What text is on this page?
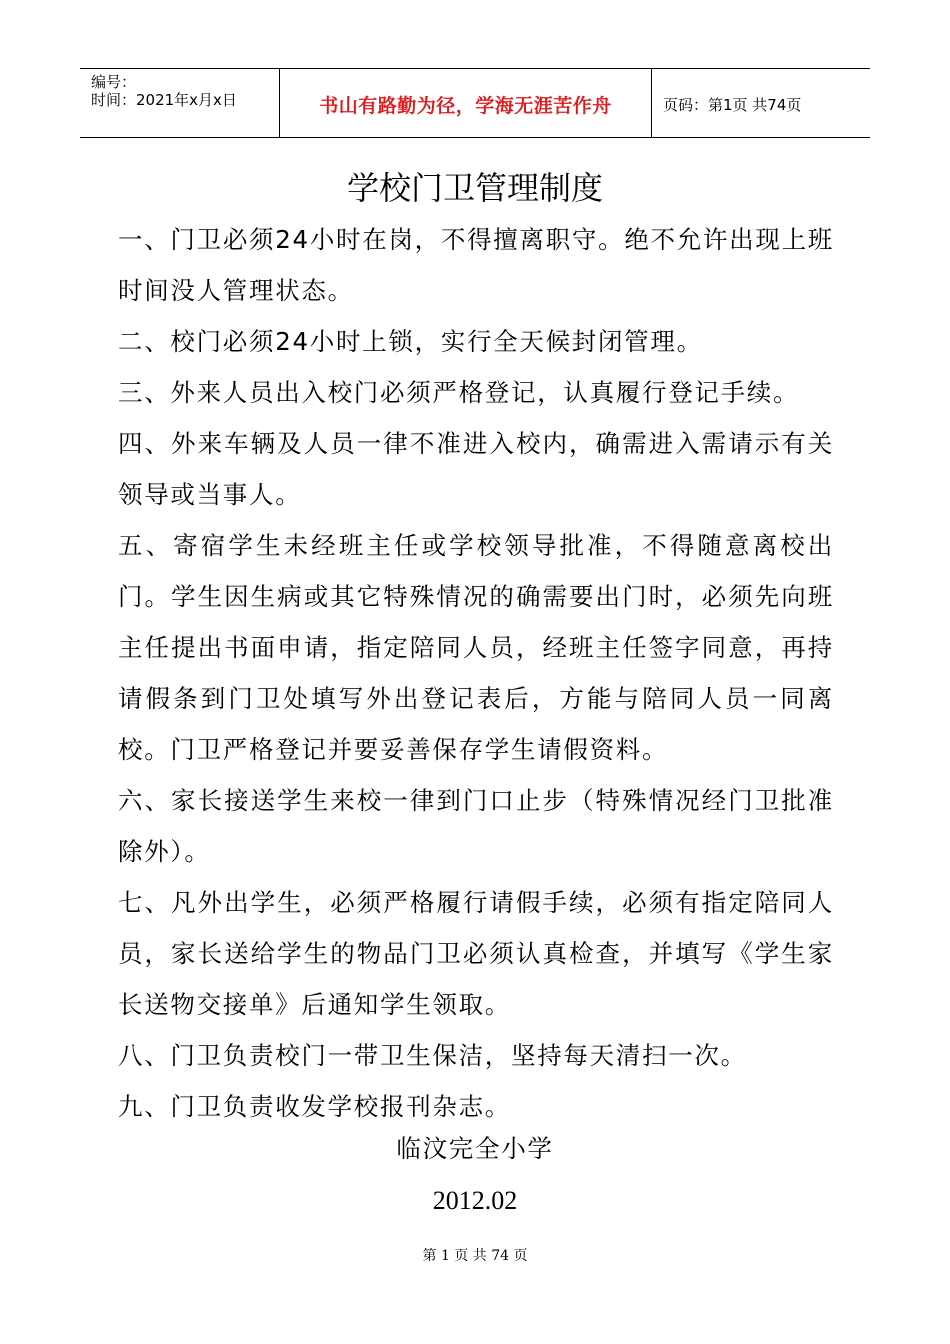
编号：
时间：2021年x月x日	书山有路勤为径，学海无涯苦作舟	页码：第1页 共74页
学校门卫管理制度

一、门卫必须24小时在岗，不得擅离职守。绝不允许出现上班时间没人管理状态。

二、校门必须24小时上锁，实行全天候封闭管理。

三、外来人员出入校门必须严格登记，认真履行登记手续。

四、外来车辆及人员一律不准进入校内，确需进入需请示有关领导或当事人。

五、寄宿学生未经班主任或学校领导批准，不得随意离校出门。学生因生病或其它特殊情况的确需要出门时，必须先向班主任提出书面申请，指定陪同人员，经班主任签字同意，再持请假条到门卫处填写外出登记表后，方能与陪同人员一同离校。门卫严格登记并要妥善保存学生请假资料。

六、家长接送学生来校一律到门口止步（特殊情况经门卫批准除外）。

七、凡外出学生，必须严格履行请假手续，必须有指定陪同人员，家长送给学生的物品门卫必须认真检查，并填写《学生家长送物交接单》后通知学生领取。

八、门卫负责校门一带卫生保洁，坚持每天清扫一次。

九、门卫负责收发学校报刊杂志。

临汶完全小学
2012.02
第 1 页 共 74 页
